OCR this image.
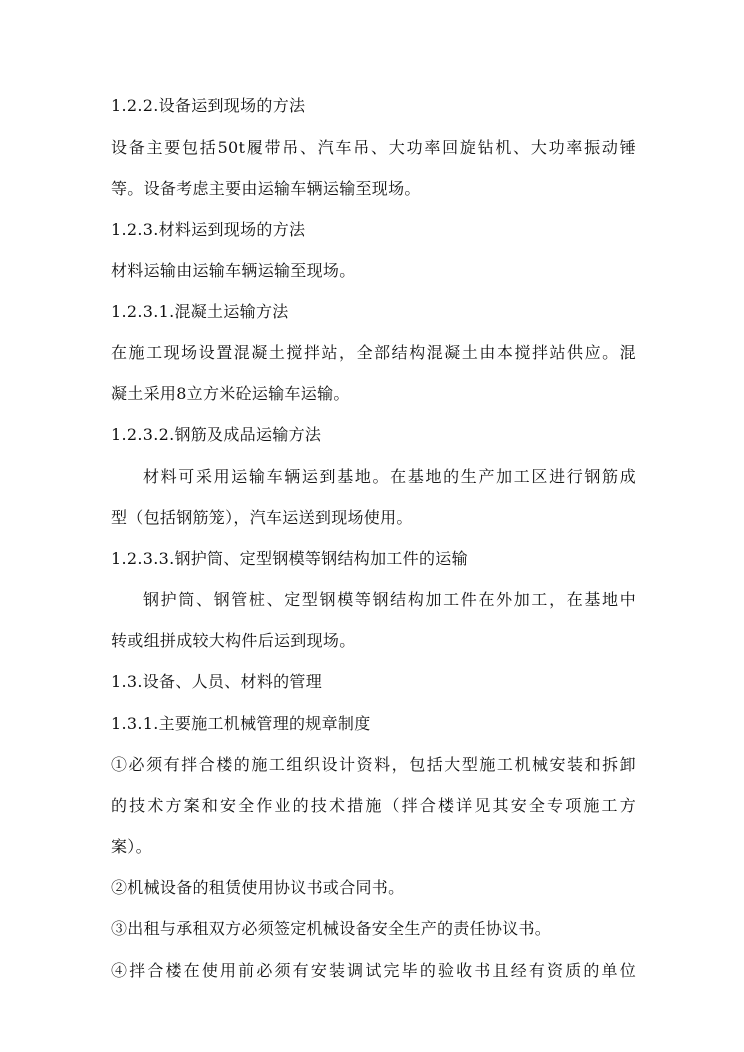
1.2.2.设备运到现场的方法
设备主要包括50t履带吊、汽车吊、大功率回旋钻机、大功率振动锤
等。设备考虑主要由运输车辆运输至现场。
1.2.3.材料运到现场的方法
材料运输由运输车辆运输至现场。
1.2.3.1.混凝土运输方法
在施工现场设置混凝土搅拌站，全部结构混凝土由本搅拌站供应。混
凝土采用8立方米砼运输车运输。
1.2.3.2.钢筋及成品运输方法
材料可采用运输车辆运到基地。在基地的生产加工区进行钢筋成
型（包括钢筋笼），汽车运送到现场使用。
1.2.3.3.钢护筒、定型钢模等钢结构加工件的运输
钢护筒、钢管桩、定型钢模等钢结构加工件在外加工，在基地中
转或组拼成较大构件后运到现场。
1.3.设备、人员、材料的管理
1.3.1.主要施工机械管理的规章制度
①必须有拌合楼的施工组织设计资料，包括大型施工机械安装和拆卸
的技术方案和安全作业的技术措施（拌合楼详见其安全专项施工方
案）。
②机械设备的租赁使用协议书或合同书。
③出租与承租双方必须签定机械设备安全生产的责任协议书。
④拌合楼在使用前必须有安装调试完毕的验收书且经有资质的单位
